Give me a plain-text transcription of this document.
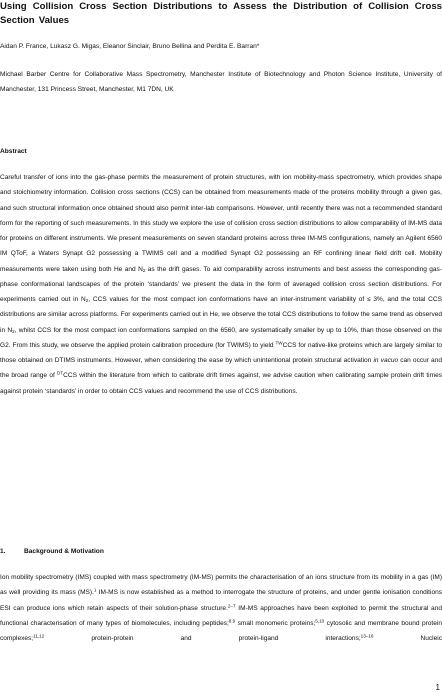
Using Collision Cross Section Distributions to Assess the Distribution of Collision Cross Section Values
Aidan P. France, Lukasz G. Migas, Eleanor Sinclair, Bruno Bellina and Perdita E. Barran*
Michael Barber Centre for Collaborative Mass Spectrometry, Manchester Institute of Biotechnology and Photon Science Institute, University of Manchester, 131 Princess Street, Manchester, M1 7DN, UK
Abstract
Careful transfer of ions into the gas-phase permits the measurement of protein structures, with ion mobility-mass spectrometry, which provides shape and stoichiometry information. Collision cross sections (CCS) can be obtained from measurements made of the proteins mobility through a given gas, and such structural information once obtained should also permit inter-lab comparisons. However, until recently there was not a recommended standard form for the reporting of such measurements. In this study we explore the use of collision cross section distributions to allow comparability of IM-MS data for proteins on different instruments. We present measurements on seven standard proteins across three IM-MS configurations, namely an Agilent 6560 IM QToF, a Waters Synapt G2 possessing a TWIMS cell and a modified Synapt G2 possessing an RF confining linear field drift cell. Mobility measurements were taken using both He and $N_2$ as the drift gases. To aid comparability across instruments and best assess the corresponding gas-phase conformational landscapes of the protein ‘standards’ we present the data in the form of averaged collision cross section distributions. For experiments carried out in $N_2$, CCS values for the most compact ion conformations have an inter-instrument variability of ≤ 3%, and the total CCS distributions are similar across platforms. For experiments carried out in He, we observe the total CCS distributions to follow the same trend as observed in $N_2$, whilst CCS for the most compact ion conformations sampled on the 6560, are systematically smaller by up to 10%, than those observed on the G2. From this study, we observe the applied protein calibration procedure (for TWIMS) to yield $^{TW}$CCS for native-like proteins which are largely similar to those obtained on DTIMS instruments. However, when considering the ease by which unintentional protein structural activation in vacuo can occur and the broad range of $^{DT}$CCS within the literature from which to calibrate drift times against, we advise caution when calibrating sample protein drift times against protein ‘standards’ in order to obtain CCS values and recommend the use of CCS distributions.
1.	Background & Motivation
Ion mobility spectrometry (IMS) coupled with mass spectrometry (IM-MS) permits the characterisation of an ions structure from its mobility in a gas (IM) as well providing its mass (MS).$^1$ IM-MS is now established as a method to interrogate the structure of proteins, and under gentle ionisation conditions ESI can produce ions which retain aspects of their solution-phase structure.$^{2-7}$ IM-MS approaches have been exploited to permit the structural and functional characterisation of many types of biomolecules, including peptides;$^{8,9}$ small monomeric proteins;$^{5,10}$ cytosolic and membrane bound protein complexes;$^{11,12}$ protein-protein and protein-ligand interactions;$^{13-16}$ Nucleic
1
